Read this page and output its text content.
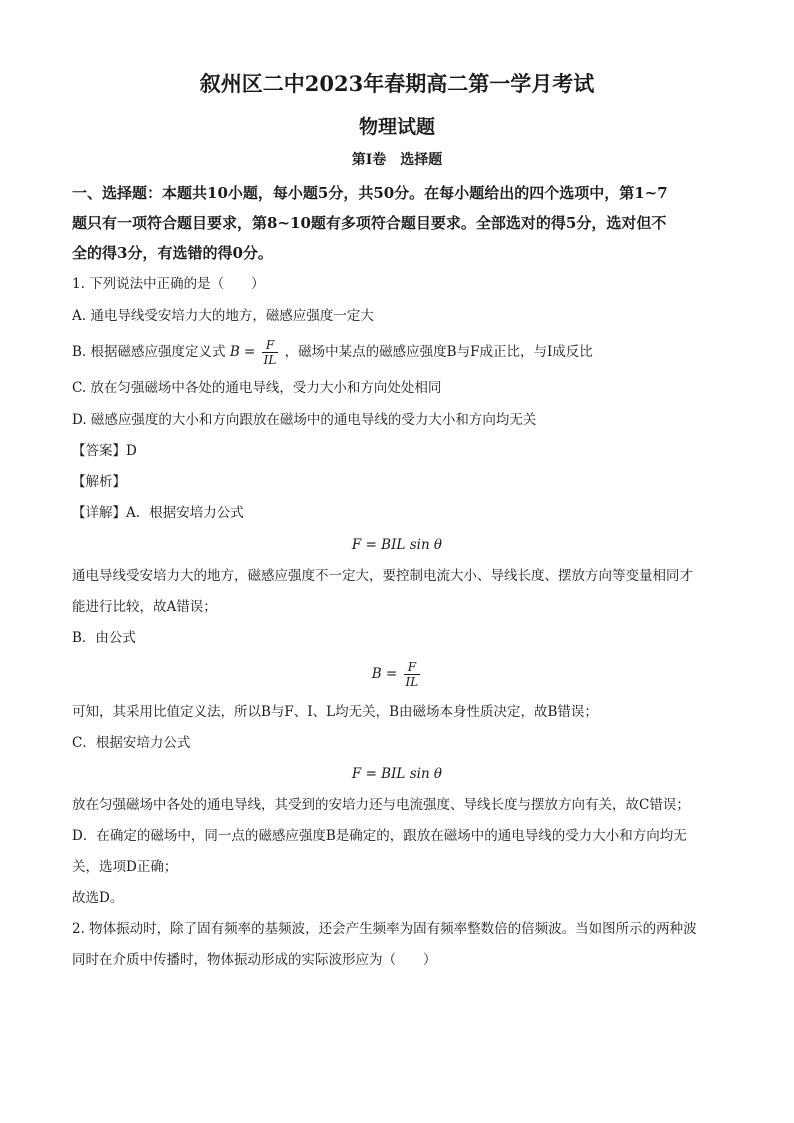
叙州区二中2023年春期高二第一学月考试
物理试题
第I卷　选择题
一、选择题：本题共10小题，每小题5分，共50分。在每小题给出的四个选项中，第1~7
题只有一项符合题目要求，第8~10题有多项符合题目要求。全部选对的得5分，选对但不
全的得3分，有选错的得0分。
1. 下列说法中正确的是（　　）
A. 通电导线受安培力大的地方，磁感应强度一定大
B. 根据磁感应强度定义式 $B = \frac{F}{IL}$ ，磁场中某点的磁感应强度B与F成正比，与I成反比
C. 放在匀强磁场中各处的通电导线，受力大小和方向处处相同
D. 磁感应强度的大小和方向跟放在磁场中的通电导线的受力大小和方向均无关
【答案】D
【解析】
【详解】A．根据安培力公式
F = BIL sin θ
通电导线受安培力大的地方，磁感应强度不一定大，要控制电流大小、导线长度、摆放方向等变量相同才
能进行比较，故A错误；
B．由公式
$B = \frac{F}{IL}$
可知，其采用比值定义法，所以B与F、I、L均无关，B由磁场本身性质决定，故B错误；
C．根据安培力公式
F = BIL sin θ
放在匀强磁场中各处的通电导线，其受到的安培力还与电流强度、导线长度与摆放方向有关，故C错误；
D．在确定的磁场中，同一点的磁感应强度B是确定的，跟放在磁场中的通电导线的受力大小和方向均无
关，选项D正确；
故选D。
2. 物体振动时，除了固有频率的基频波，还会产生频率为固有频率整数倍的倍频波。当如图所示的两种波
同时在介质中传播时，物体振动形成的实际波形应为（　　）
